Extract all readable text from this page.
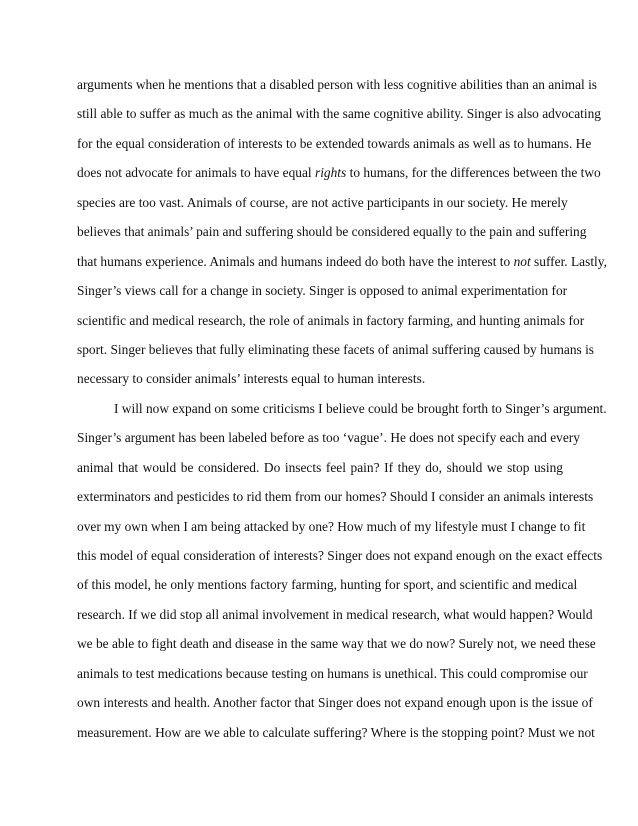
arguments when he mentions that a disabled person with less cognitive abilities than an animal is
still able to suffer as much as the animal with the same cognitive ability. Singer is also advocating
for the equal consideration of interests to be extended towards animals as well as to humans. He
does not advocate for animals to have equal rights to humans, for the differences between the two
species are too vast. Animals of course, are not active participants in our society. He merely
believes that animals’ pain and suffering should be considered equally to the pain and suffering
that humans experience. Animals and humans indeed do both have the interest to not suffer. Lastly,
Singer’s views call for a change in society. Singer is opposed to animal experimentation for
scientific and medical research, the role of animals in factory farming, and hunting animals for
sport. Singer believes that fully eliminating these facets of animal suffering caused by humans is
necessary to consider animals’ interests equal to human interests.
I will now expand on some criticisms I believe could be brought forth to Singer’s argument.
Singer’s argument has been labeled before as too ‘vague’. He does not specify each and every
animal that would be considered. Do insects feel pain? If they do, should we stop using
exterminators and pesticides to rid them from our homes? Should I consider an animals interests
over my own when I am being attacked by one? How much of my lifestyle must I change to fit
this model of equal consideration of interests? Singer does not expand enough on the exact effects
of this model, he only mentions factory farming, hunting for sport, and scientific and medical
research. If we did stop all animal involvement in medical research, what would happen? Would
we be able to fight death and disease in the same way that we do now? Surely not, we need these
animals to test medications because testing on humans is unethical. This could compromise our
own interests and health. Another factor that Singer does not expand enough upon is the issue of
measurement. How are we able to calculate suffering? Where is the stopping point? Must we not
